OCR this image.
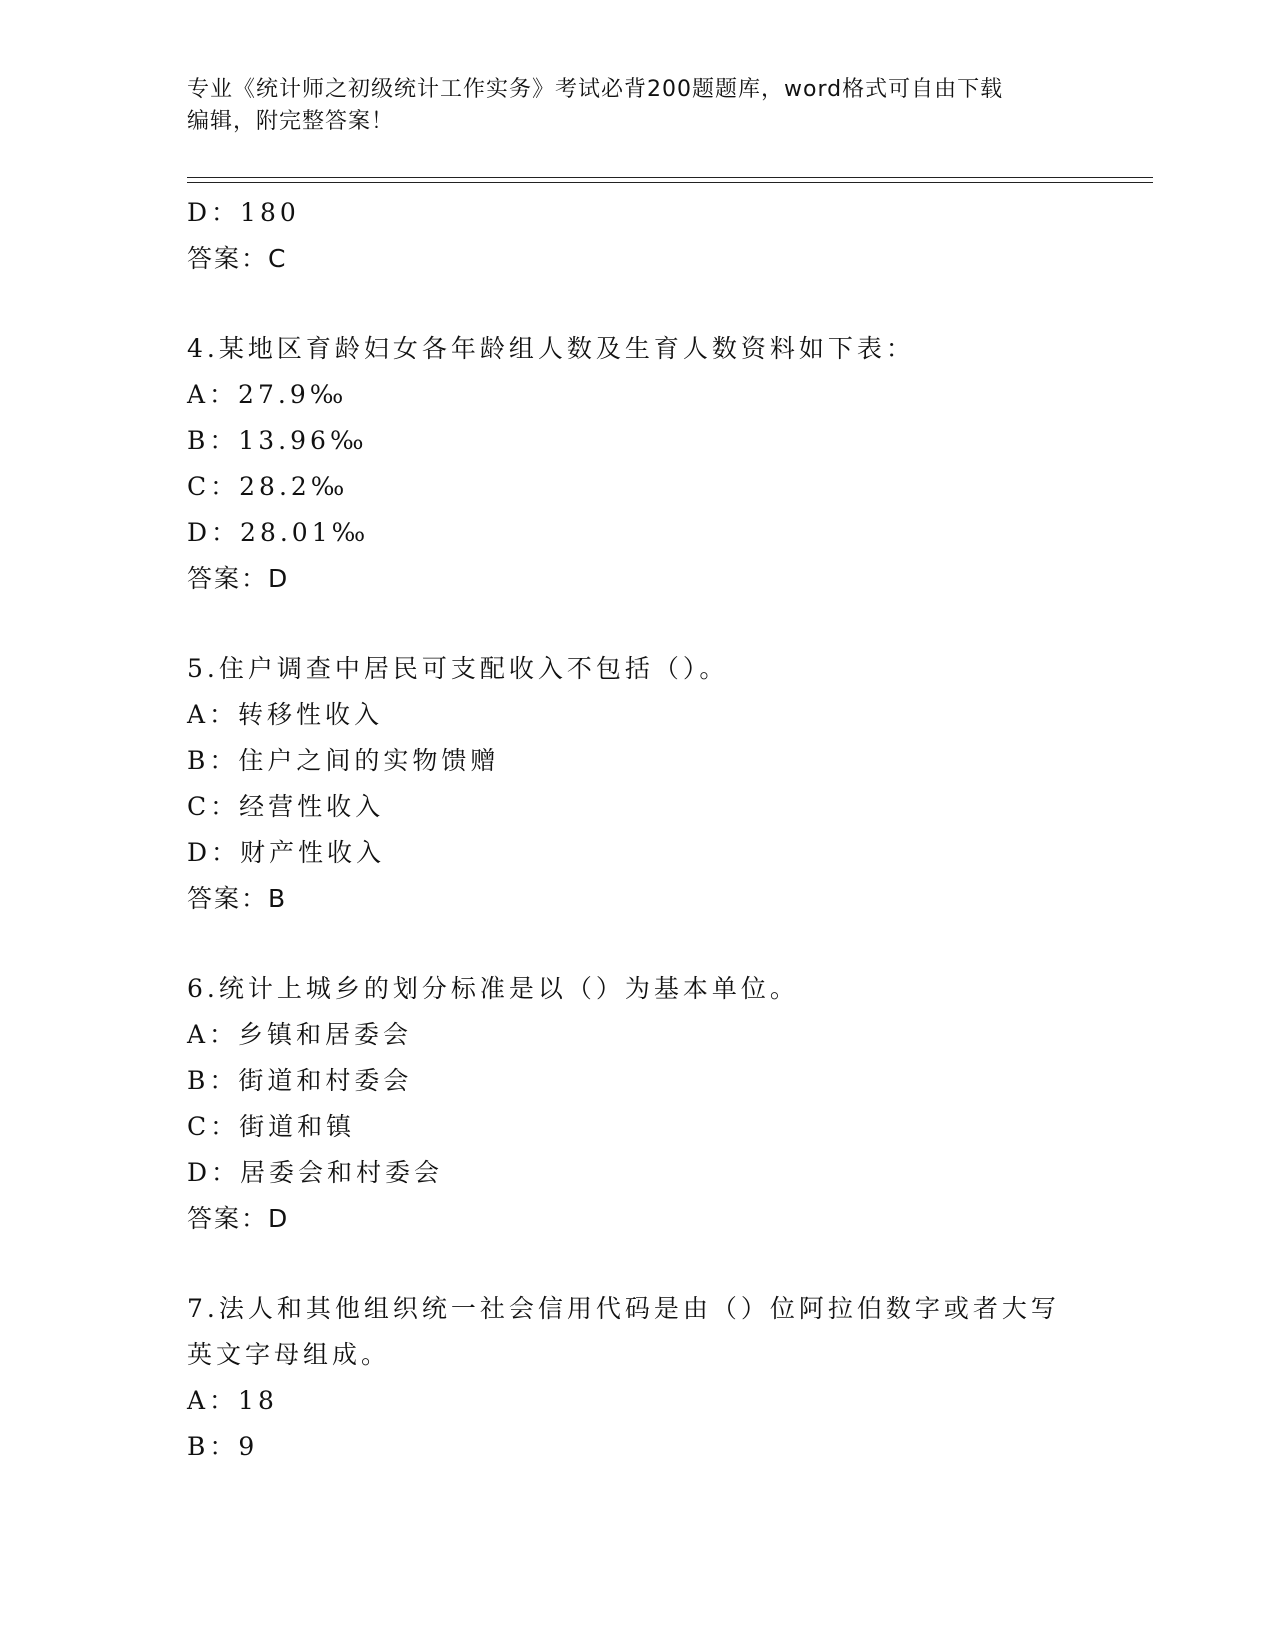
专业《统计师之初级统计工作实务》考试必背200题题库，word格式可自由下载
编辑，附完整答案！
D：180
答案：C
4.某地区育龄妇女各年龄组人数及生育人数资料如下表：
A：27.9‰
B：13.96‰
C：28.2‰
D：28.01‰
答案：D
5.住户调查中居民可支配收入不包括（）。
A：转移性收入
B：住户之间的实物馈赠
C：经营性收入
D：财产性收入
答案：B
6.统计上城乡的划分标准是以（）为基本单位。
A：乡镇和居委会
B：街道和村委会
C：街道和镇
D：居委会和村委会
答案：D
7.法人和其他组织统一社会信用代码是由（）位阿拉伯数字或者大写
英文字母组成。
A：18
B：9
